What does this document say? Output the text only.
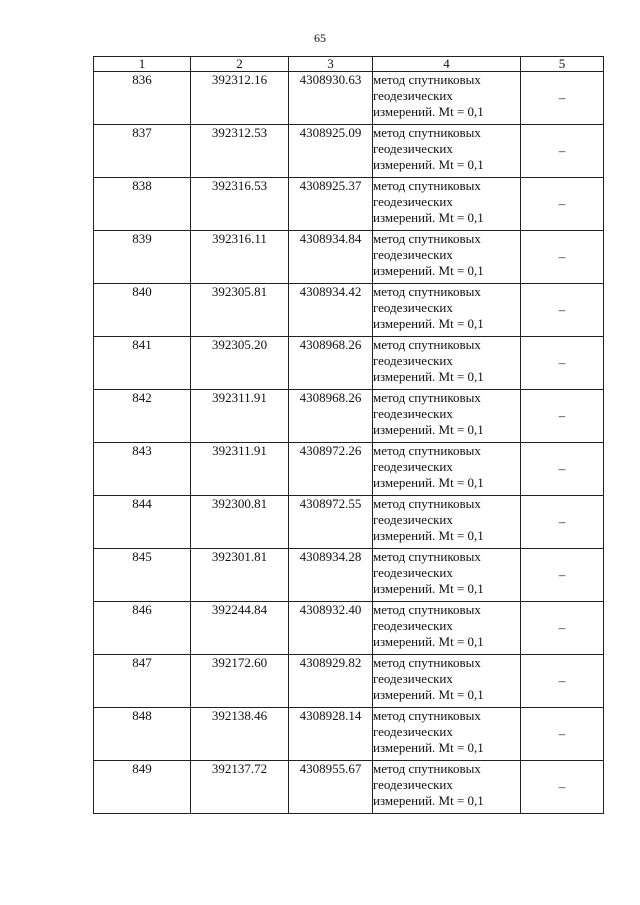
65
1	2	3	4	5
836	392312.16	4308930.63	метод спутниковых
геодезических
измерений. Mt = 0,1	–
837	392312.53	4308925.09	метод спутниковых
геодезических
измерений. Mt = 0,1	–
838	392316.53	4308925.37	метод спутниковых
геодезических
измерений. Mt = 0,1	–
839	392316.11	4308934.84	метод спутниковых
геодезических
измерений. Mt = 0,1	–
840	392305.81	4308934.42	метод спутниковых
геодезических
измерений. Mt = 0,1	–
841	392305.20	4308968.26	метод спутниковых
геодезических
измерений. Mt = 0,1	–
842	392311.91	4308968.26	метод спутниковых
геодезических
измерений. Mt = 0,1	–
843	392311.91	4308972.26	метод спутниковых
геодезических
измерений. Mt = 0,1	–
844	392300.81	4308972.55	метод спутниковых
геодезических
измерений. Mt = 0,1	–
845	392301.81	4308934.28	метод спутниковых
геодезических
измерений. Mt = 0,1	–
846	392244.84	4308932.40	метод спутниковых
геодезических
измерений. Mt = 0,1	–
847	392172.60	4308929.82	метод спутниковых
геодезических
измерений. Mt = 0,1	–
848	392138.46	4308928.14	метод спутниковых
геодезических
измерений. Mt = 0,1	–
849	392137.72	4308955.67	метод спутниковых
геодезических
измерений. Mt = 0,1	–
